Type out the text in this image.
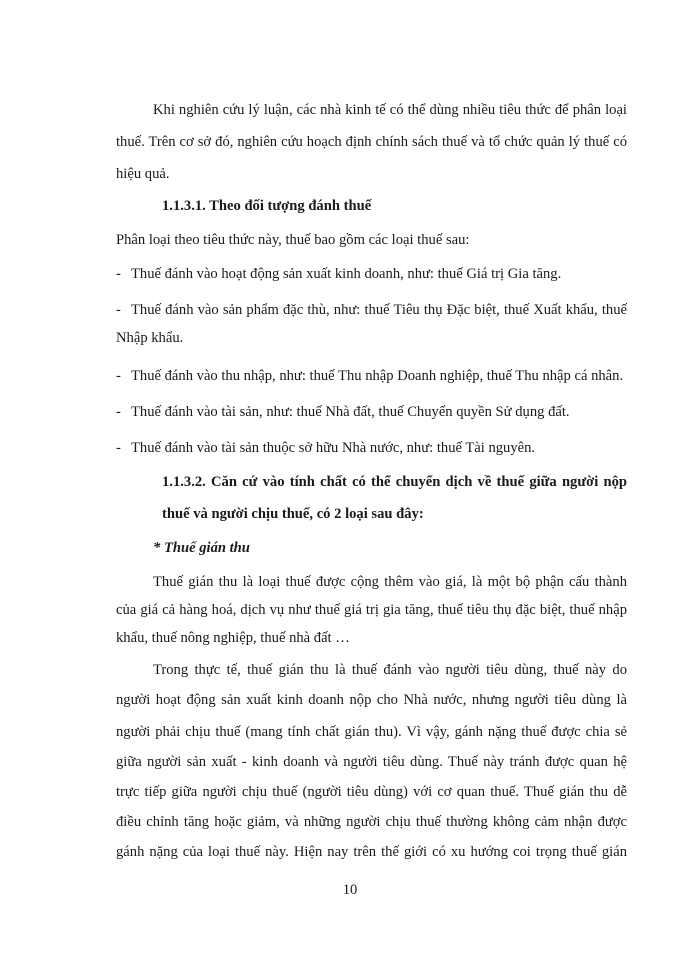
Khi nghiên cứu lý luận, các nhà kinh tế có thể dùng nhiều tiêu thức để phân loại
thuế. Trên cơ sở đó, nghiên cứu hoạch định chính sách thuế và tổ chức quản lý thuế có
hiệu quả.
1.1.3.1. Theo đối tượng đánh thuế
Phân loại theo tiêu thức này, thuế bao gồm các loại thuế sau:
- Thuế đánh vào hoạt động sản xuất kinh doanh, như: thuế Giá trị Gia tăng.
- Thuế đánh vào sản phẩm đặc thù, như: thuế Tiêu thụ Đặc biệt, thuế Xuất khẩu, thuế
Nhập khẩu.
- Thuế đánh vào thu nhập, như: thuế Thu nhập Doanh nghiệp, thuế Thu nhập cá nhân.
- Thuế đánh vào tài sản, như: thuế Nhà đất, thuế Chuyển quyền Sử dụng đất.
- Thuế đánh vào tài sản thuộc sở hữu Nhà nước, như: thuế Tài nguyên.
1.1.3.2. Căn cứ vào tính chất có thể chuyển dịch về thuế giữa người nộp
thuế và người chịu thuế, có 2 loại sau đây:
* Thuế gián thu
Thuế gián thu là loại thuế được cộng thêm vào giá, là một bộ phận cấu thành
của giá cả hàng hoá, dịch vụ như thuế giá trị gia tăng, thuế tiêu thụ đặc biệt, thuế nhập
khẩu, thuế nông nghiệp, thuế nhà đất …
Trong thực tế, thuế gián thu là thuế đánh vào người tiêu dùng, thuế này do
người hoạt động sản xuất kinh doanh nộp cho Nhà nước, nhưng người tiêu dùng là
người phải chịu thuế (mang tính chất gián thu). Vì vậy, gánh nặng thuế được chia sẻ
giữa người sản xuất - kinh doanh và người tiêu dùng. Thuế này tránh được quan hệ
trực tiếp giữa người chịu thuế (người tiêu dùng) với cơ quan thuế. Thuế gián thu dễ
điều chỉnh tăng hoặc giảm, và những người chịu thuế thường không cảm nhận được
gánh nặng của loại thuế này. Hiện nay trên thế giới có xu hướng coi trọng thuế gián
10
